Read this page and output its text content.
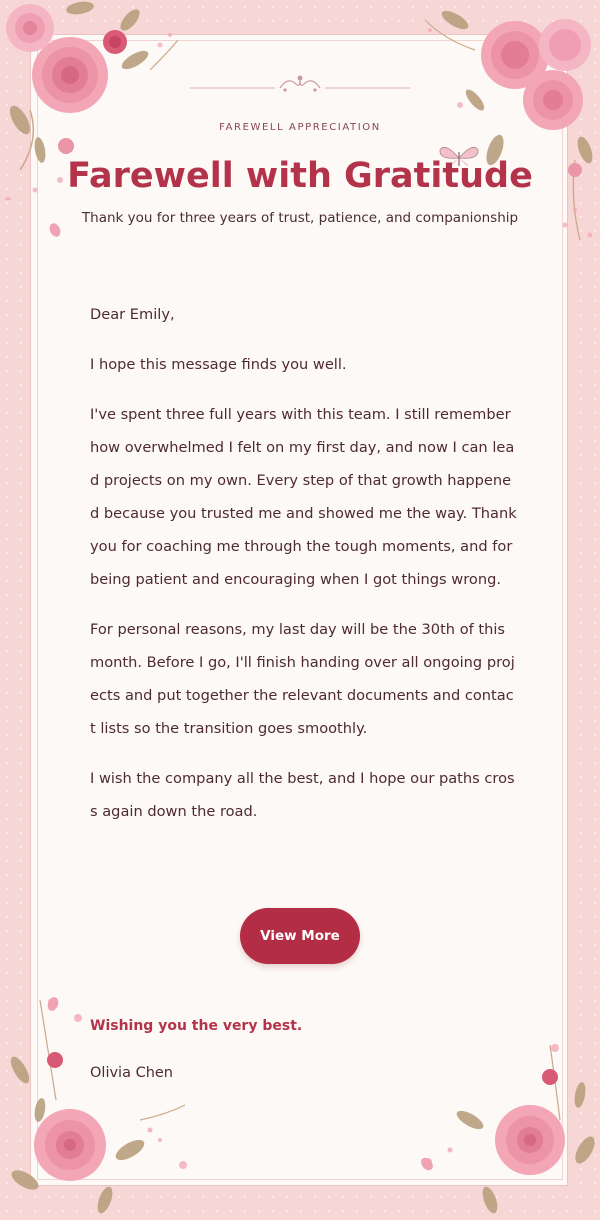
FAREWELL APPRECIATION
Farewell with Gratitude
Thank you for three years of trust, patience, and companionship

Dear Emily,

I hope this message finds you well.

I've spent three full years with this team. I still remember how overwhelmed I felt on my first day, and now I can lead projects on my own. Every step of that growth happened because you trusted me and showed me the way. Thank you for coaching me through the tough moments, and for being patient and encouraging when I got things wrong.

For personal reasons, my last day will be the 30th of this month. Before I go, I'll finish handing over all ongoing projects and put together the relevant documents and contact lists so the transition goes smoothly.

I wish the company all the best, and I hope our paths cross again down the road.

View More
Wishing you the very best.
Olivia Chen
